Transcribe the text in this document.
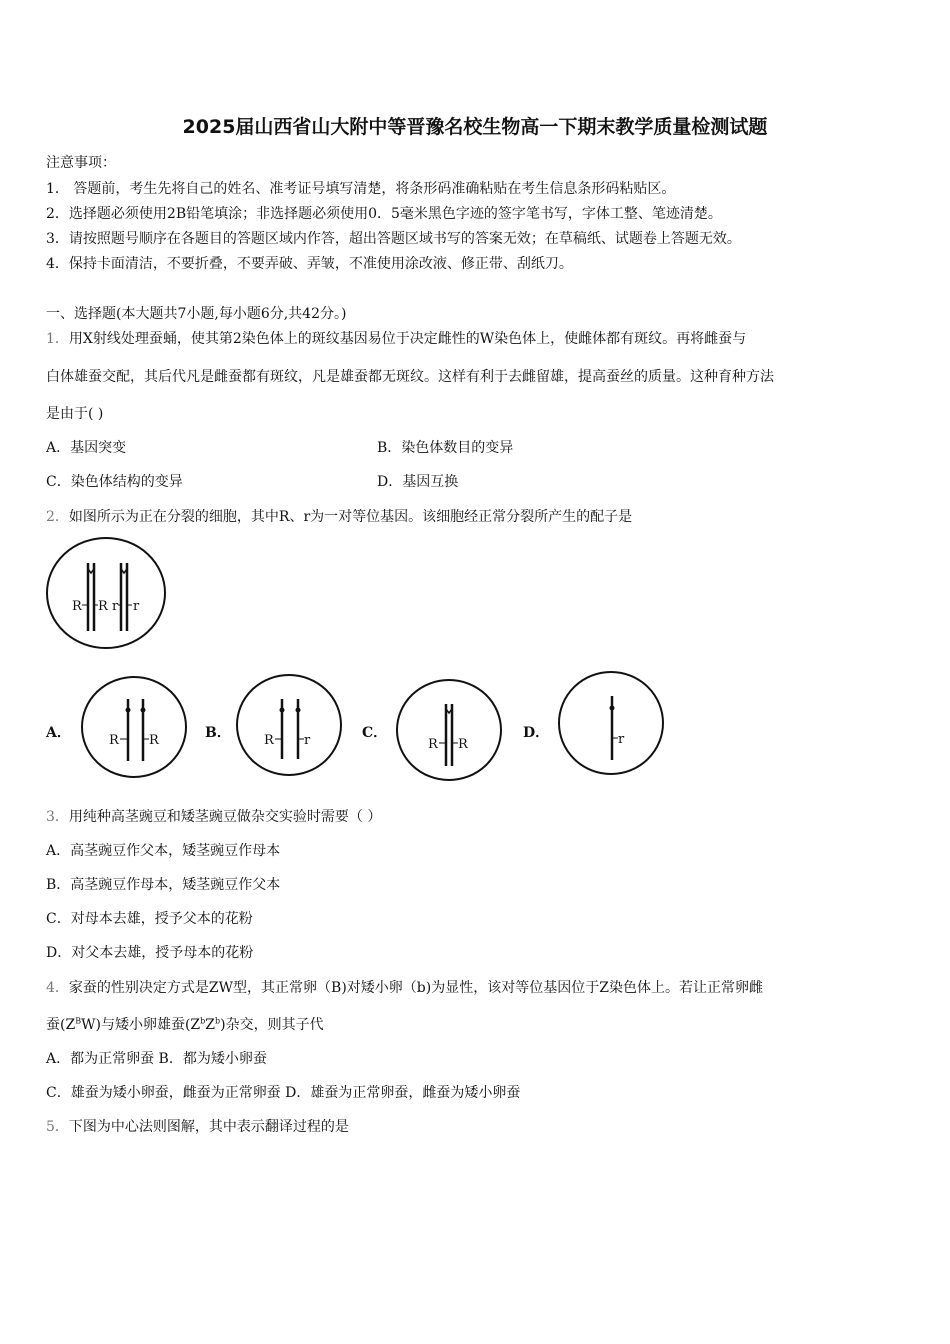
2025届山西省山大附中等晋豫名校生物高一下期末教学质量检测试题
注意事项：
1． 答题前，考生先将自己的姓名、准考证号填写清楚，将条形码准确粘贴在考生信息条形码粘贴区。
2．选择题必须使用2B铅笔填涂；非选择题必须使用0．5毫米黑色字迹的签字笔书写，字体工整、笔迹清楚。
3．请按照题号顺序在各题目的答题区域内作答，超出答题区域书写的答案无效；在草稿纸、试题卷上答题无效。
4．保持卡面清洁，不要折叠，不要弄破、弄皱，不准使用涂改液、修正带、刮纸刀。
一、选择题(本大题共7小题,每小题6分,共42分。)
1．用X射线处理蚕蛹，使其第2染色体上的斑纹基因易位于决定雌性的W染色体上，使雌体都有斑纹。再将雌蚕与
白体雄蚕交配，其后代凡是雌蚕都有斑纹，凡是雄蚕都无斑纹。这样有利于去雌留雄，提高蚕丝的质量。这种育种方法
是由于( )
A．基因突变	B．染色体数目的变异
C．染色体结构的变异	D．基因互换
2．如图所示为正在分裂的细胞，其中R、r为一对等位基因。该细胞经正常分裂所产生的配子是
R R r r
A．	R R	B．	R r	C．
R R
D．	r
3．用纯种高茎豌豆和矮茎豌豆做杂交实验时需要（ ）
A．高茎豌豆作父本，矮茎豌豆作母本
B．高茎豌豆作母本，矮茎豌豆作父本
C．对母本去雄，授予父本的花粉
D．对父本去雄，授予母本的花粉
4．家蚕的性别决定方式是ZW型，其正常卵（B)对矮小卵（b)为显性，该对等位基因位于Z染色体上。若让正常卵雌
蚕$(Z^BW)$与矮小卵雄蚕$(Z^bZ^b)$杂交，则其子代
A．都为正常卵蚕 B．都为矮小卵蚕
C．雄蚕为矮小卵蚕，雌蚕为正常卵蚕 D．雄蚕为正常卵蚕，雌蚕为矮小卵蚕
5．下图为中心法则图解，其中表示翻译过程的是
